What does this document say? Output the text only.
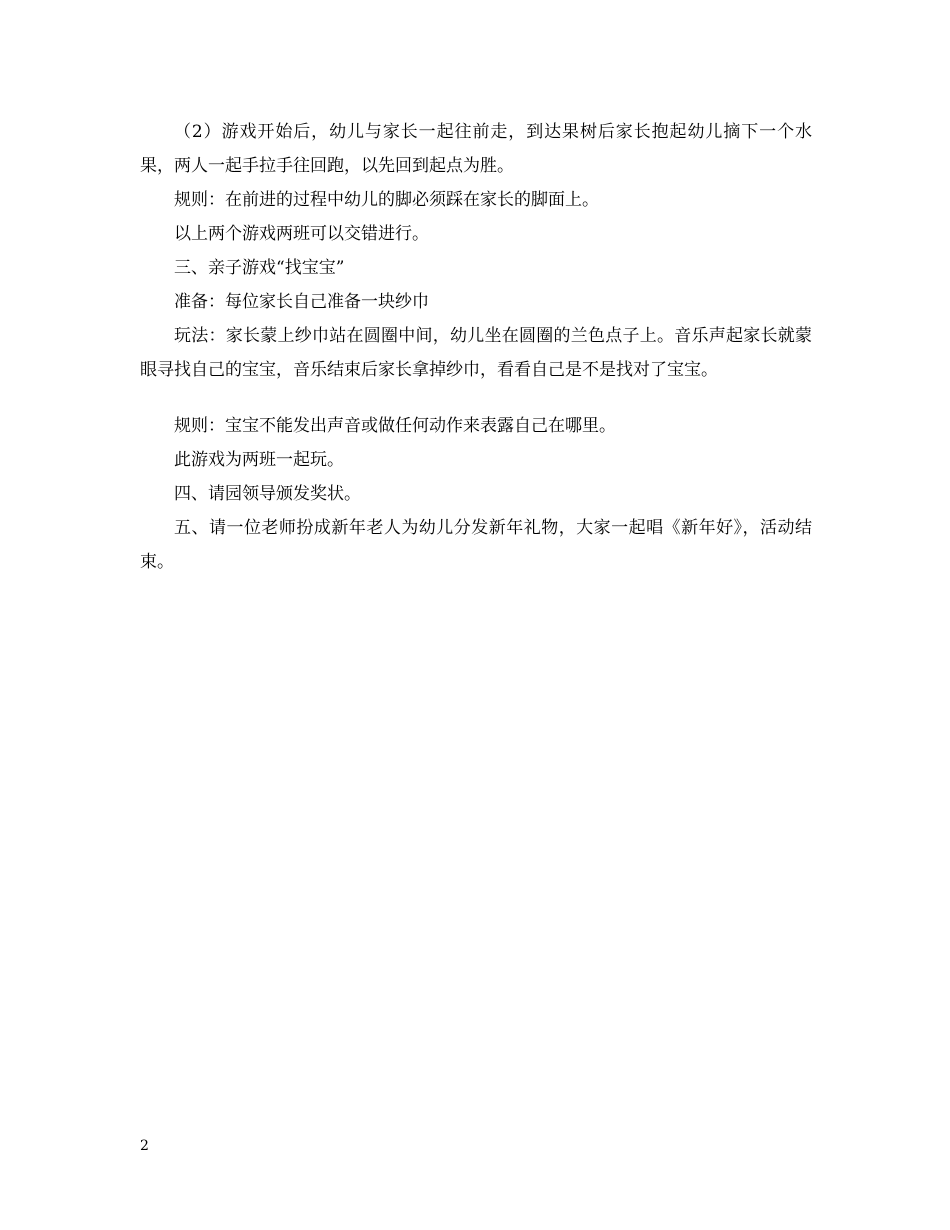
（2）游戏开始后，幼儿与家长一起往前走，到达果树后家长抱起幼儿摘下一个水果，两人一起手拉手往回跑，以先回到起点为胜。

规则：在前进的过程中幼儿的脚必须踩在家长的脚面上。

以上两个游戏两班可以交错进行。

三、亲子游戏“找宝宝”

准备：每位家长自己准备一块纱巾

玩法：家长蒙上纱巾站在圆圈中间，幼儿坐在圆圈的兰色点子上。音乐声起家长就蒙眼寻找自己的宝宝，音乐结束后家长拿掉纱巾，看看自己是不是找对了宝宝。

规则：宝宝不能发出声音或做任何动作来表露自己在哪里。

此游戏为两班一起玩。

四、请园领导颁发奖状。

五、请一位老师扮成新年老人为幼儿分发新年礼物，大家一起唱《新年好》，活动结束。

2
